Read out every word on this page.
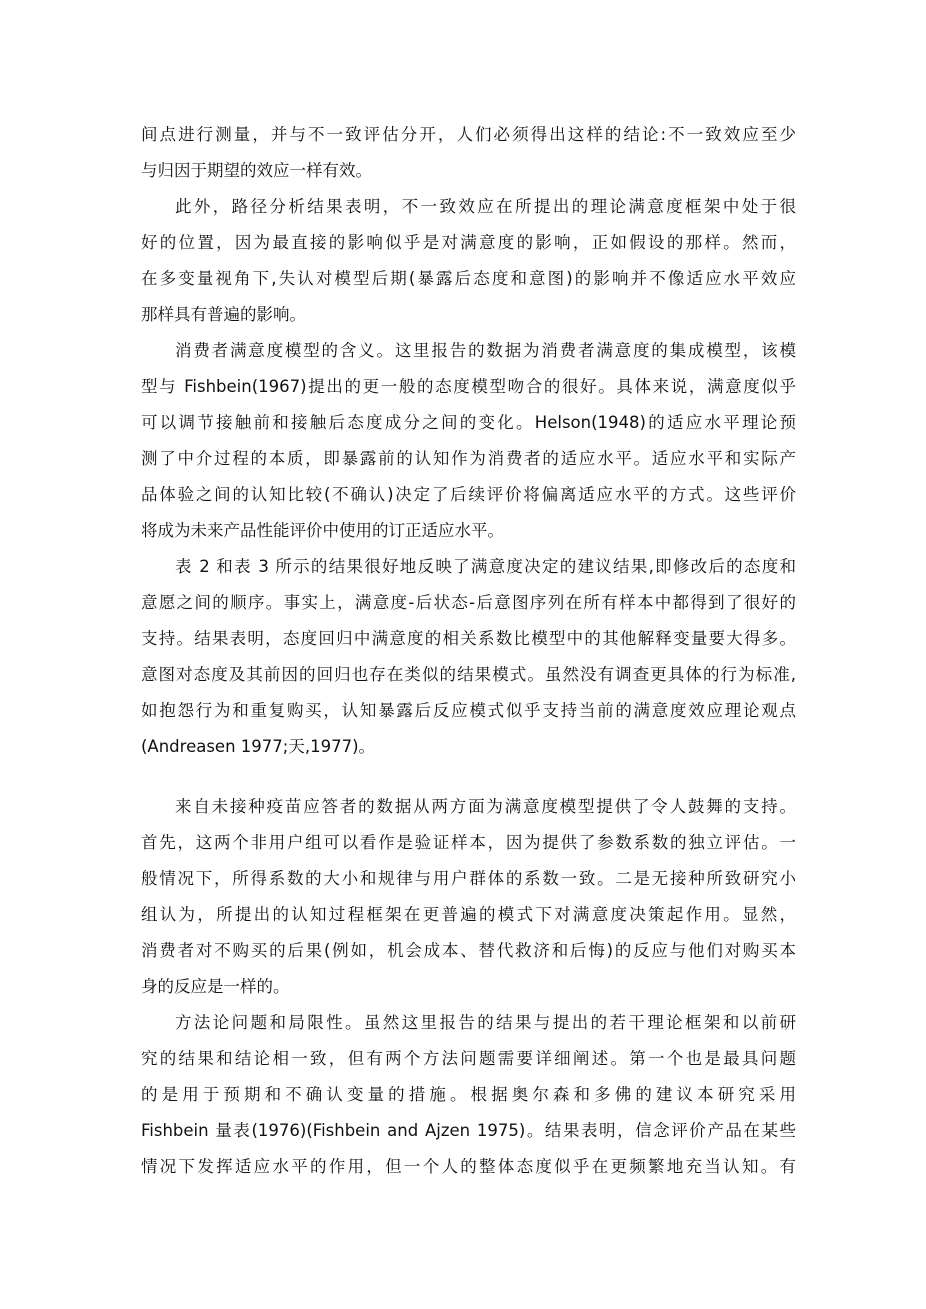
间点进行测量，并与不一致评估分开，人们必须得出这样的结论:不一致效应至少
与归因于期望的效应一样有效。
此外，路径分析结果表明，不一致效应在所提出的理论满意度框架中处于很
好的位置，因为最直接的影响似乎是对满意度的影响，正如假设的那样。然而，
在多变量视角下,失认对模型后期(暴露后态度和意图)的影响并不像适应水平效应
那样具有普遍的影响。
消费者满意度模型的含义。这里报告的数据为消费者满意度的集成模型，该模
型与 Fishbein(1967)提出的更一般的态度模型吻合的很好。具体来说，满意度似乎
可以调节接触前和接触后态度成分之间的变化。Helson(1948)的适应水平理论预
测了中介过程的本质，即暴露前的认知作为消费者的适应水平。适应水平和实际产
品体验之间的认知比较(不确认)决定了后续评价将偏离适应水平的方式。这些评价
将成为未来产品性能评价中使用的订正适应水平。
表 2 和表 3 所示的结果很好地反映了满意度决定的建议结果,即修改后的态度和
意愿之间的顺序。事实上，满意度-后状态-后意图序列在所有样本中都得到了很好的
支持。结果表明，态度回归中满意度的相关系数比模型中的其他解释变量要大得多。
意图对态度及其前因的回归也存在类似的结果模式。虽然没有调查更具体的行为标准,
如抱怨行为和重复购买，认知暴露后反应模式似乎支持当前的满意度效应理论观点
(Andreasen 1977;天,1977)。
来自未接种疫苗应答者的数据从两方面为满意度模型提供了令人鼓舞的支持。
首先，这两个非用户组可以看作是验证样本，因为提供了参数系数的独立评估。一
般情况下，所得系数的大小和规律与用户群体的系数一致。二是无接种所致研究小
组认为，所提出的认知过程框架在更普遍的模式下对满意度决策起作用。显然，
消费者对不购买的后果(例如，机会成本、替代救济和后悔)的反应与他们对购买本
身的反应是一样的。
方法论问题和局限性。虽然这里报告的结果与提出的若干理论框架和以前研
究的结果和结论相一致，但有两个方法问题需要详细阐述。第一个也是最具问题
的是用于预期和不确认变量的措施。根据奥尔森和多佛的建议本研究采用
Fishbein 量表(1976)(Fishbein and Ajzen 1975)。结果表明，信念评价产品在某些
情况下发挥适应水平的作用，但一个人的整体态度似乎在更频繁地充当认知。有
